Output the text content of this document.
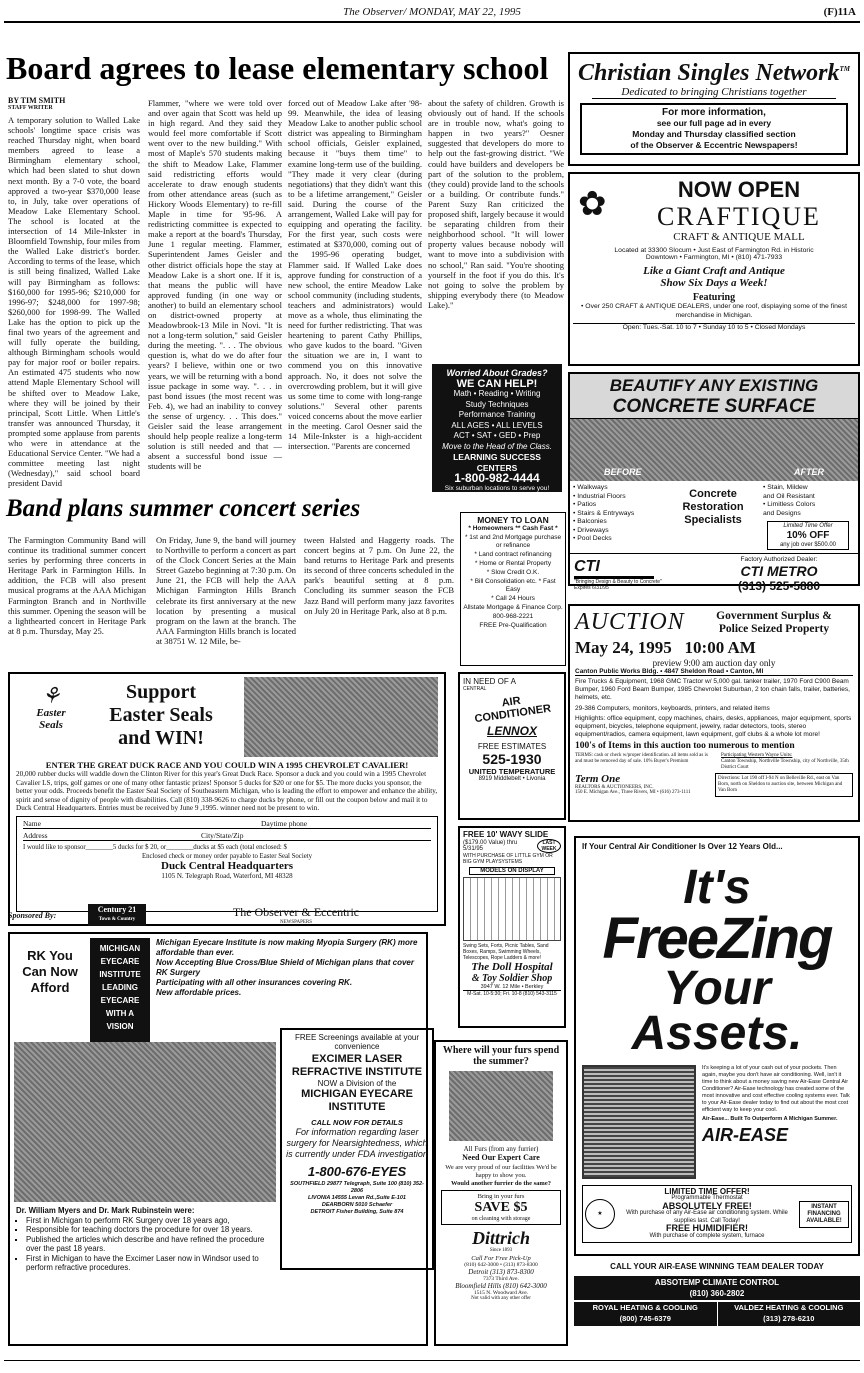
The Observer/ MONDAY, MAY 22, 1995	(F)11A
Board agrees to lease elementary school
BY TIM SMITH
STAFF WRITER
A temporary solution to Walled Lake schools' longtime space crisis was reached Thursday night, when board members agreed to lease a Birmingham elementary school, which had been slated to shut down next month. By a 7-0 vote, the board approved a two-year $370,000 lease to, in July, take over operations of Meadow Lake Elementary School. The school is located at the intersection of 14 Mile-Inkster in Bloomfield Township, four miles from the Walled Lake district's border. According to terms of the lease, which is still being finalized, Walled Lake will pay Birmingham as follows: $160,000 for 1995-96; $210,000 for 1996-97; $248,000 for 1997-98; $260,000 for 1998-99. The Walled Lake has the option to pick up the final two years of the agreement and will fully operate the building, although Birmingham schools would pay for major roof or boiler repairs. An estimated 475 students who now attend Maple Elementary School will be shifted over to Meadow Lake, where they will be joined by their principal, Scott Little. When Little's transfer was announced Thursday, it prompted some applause from parents who were in attendance at the Educational Service Center. "We had a committee meeting last night (Wednesday)," said school board president David
Flammer, "where we were told over and over again that Scott was held up in high regard. And they said they would feel more comfortable if Scott went over to the new building." With most of Maple's 570 students making the shift to Meadow Lake, Flammer said redistricting efforts would accelerate to draw enough students from other attendance areas (such as Hickory Woods Elementary) to re-fill Maple in time for '95-96. A redistricting committee is expected to make a report at the board's Thursday, June 1 regular meeting. Flammer, Superintendent James Geisler and other district officials hope the stay at Meadow Lake is a short one. If it is, that means the public will have approved funding (in one way or another) to build an elementary school on district-owned property at Meadowbrook-13 Mile in Novi. "It is not a long-term solution," said Geisler during the meeting. ". . . The obvious question is, what do we do after four years? I believe, within one or two years, we will be returning with a bond issue package in some way. ". . . in past bond issues (the most recent was Feb. 4), we had an inability to convey the sense of urgency. . . This does." Geisler said the lease arrangement should help people realize a long-term solution is still needed and that — absent a successful bond issue — students will be
forced out of Meadow Lake after '98-99. Meanwhile, the idea of leasing Meadow Lake to another public school district was appealing to Birmingham school officials, Geisler explained, because it "buys them time" to examine long-term use of the building. "They made it very clear (during negotiations) that they didn't want this to be a lifetime arrangement," Geisler said. During the course of the arrangement, Walled Lake will pay for equipping and operating the facility. For the first year, such costs were estimated at $370,000, coming out of the 1995-96 operating budget, Flammer said. If Walled Lake does approve funding for construction of a new school, the entire Meadow Lake school community (including students, teachers and administrators) would move as a whole, thus eliminating the need for further redistricting. That was heartening to parent Cathy Phillips, who gave kudos to the board. "Given the situation we are in, I want to commend you on this innovative approach. No, it does not solve the overcrowding problem, but it will give us some time to come with long-range solutions." Several other parents voiced concerns about the move earlier in the meeting. Carol Oesner said the 14 Mile-Inkster is a high-accident intersection. "Parents are concerned
about the safety of children. Growth is obviously out of hand. If the schools are in trouble now, what's going to happen in two years?" Oesner suggested that developers do more to help out the fast-growing district. "We could have builders and developers be part of the solution to the problem, (they could) provide land to the schools or a building. Or contribute funds." Parent Suzy Ran criticized the proposed shift, largely because it would be separating children from their neighborhood school. "It will lower property values because nobody will want to move into a subdivision with no school," Ran said. "You're shooting yourself in the foot if you do this. It's not going to solve the problem by shipping everybody there (to Meadow Lake)."
Worried About Grades?
WE CAN HELP!
Math • Reading • Writing
Study Techniques
Performance Training
ALL AGES • ALL LEVELS
ACT • SAT • GED • Prep
Move to the Head of the Class.
LEARNING SUCCESS CENTERS
1-800-982-4444
Six suburban locations to serve you!
Band plans summer concert series
The Farmington Community Band will continue its traditional summer concert series by performing three concerts in Heritage Park in Farmington Hills. In addition, the FCB will also present musical programs at the AAA Michigan Farmington Branch and in Northville this summer. Opening the season will be a lighthearted concert in Heritage Park at 8 p.m. Thursday, May 25.
On Friday, June 9, the band will journey to Northville to perform a concert as part of the Clock Concert Series at the Main Street Gazebo beginning at 7:30 p.m. On June 21, the FCB will help the AAA Michigan Farmington Hills Branch celebrate its first anniversary at the new location by presenting a musical program on the lawn at the branch. The AAA Farmington Hills branch is located at 38751 W. 12 Mile, be-
tween Halsted and Haggerty roads. The concert begins at 7 p.m. On June 22, the band returns to Heritage Park and presents its second of three concerts scheduled in the park's beautiful setting at 8 p.m. Concluding its summer season the FCB Jazz Band will perform many jazz favorites on July 20 in Heritage Park, also at 8 p.m.
MONEY TO LOAN
* Homeowners ** Cash Fast *
* 1st and 2nd Mortgage purchase
or refinance
* Land contract refinancing
* Home or Rental Property
* Slow Credit O.K.
* Bill Consolidation etc. * Fast Easy
* Call 24 Hours
Allstate Mortgage & Finance Corp.
800-968-2221
FREE Pre-Qualification
Christian Singles Network™
Dedicated to bringing Christians together
For more information,
see our full page ad in every
Monday and Thursday classified section
of the Observer & Eccentric Newspapers!
✿	NOW OPEN
CRAFTIQUE
CRAFT & ANTIQUE MALL
Located at 33300 Slocum • Just East of Farmington Rd. in Historic
Downtown • Farmington, MI • (810) 471-7933
Like a Giant Craft and Antique
Show Six Days a Week!
Featuring
• Over 250 CRAFT & ANTIQUE DEALERS, under one roof, displaying some of the finest merchandise in Michigan.
Open: Tues.-Sat. 10 to 7 • Sunday 10 to 5 • Closed Mondays
BEAUTIFY ANY EXISTING
CONCRETE SURFACE
BEFORE	AFTER
• Walkways
• Industrial Floors
• Patios
• Stairs & Entryways
• Balconies
• Driveways
• Pool Decks
Concrete
Restoration
Specialists
• Stain, Mildew
and Oil Resistant
• Limitless Colors
and Designs
Limited Time Offer
10% OFF
any job over $500.00
CTI
"Bringing Design & Beauty to Concrete"
Expires 6/31/95
Factory Authorized Dealer:
CTI METRO
(313) 525-5880
AUCTION	Government Surplus &
Police Seized Property
May 24, 1995   10:00 AM
preview 9:00 am auction day only
Canton Public Works Bldg. • 4847 Sheldon Road • Canton, MI
Fire Trucks & Equipment, 1968 GMC Tractor w/ 5,000 gal. tanker trailer, 1970 Ford C900 Beam Bumper, 1960 Ford Beam Bumper, 1985 Chevrolet Suburban, 2 ton chain falls, trailer, batteries, helmets, etc.
29-386 Computers, monitors, keyboards, printers, and related items
Highlights: office equipment, copy machines, chairs, desks, appliances, major equipment, sports equipment, bicycles, telephone equipment, jewelry, radar detectors, tools, stereo equipment/radios, camera equipment, lawn equipment, golf clubs & a whole lot more!
100's of Items in this auction too numerous to mention
TERMS: cash or check w/proper identification. all items sold as is and must be removed day of sale. 10% Buyer's Premium
Participating Western Wayne Units:
Canton Township, Northville Township, city of Northville, 35th District Court
Term One
REALTORS & AUCTIONEERS, INC.
150 E. Michigan Ave., Three Rivers, MI • (616) 273-1111
Directions: Lot 190 off I-94 N on Belleville Rd., east on Van Born, north on Sheldon to auction site, between Michigan and Van Born
⚘
Easter
Seals
Support
Easter Seals
and WIN!
ENTER THE GREAT DUCK RACE AND YOU COULD WIN A 1995 CHEVROLET CAVALIER!
20,000 rubber ducks will waddle down the Clinton River for this year's Great Duck Race. Sponsor a duck and you could win a 1995 Chevrolet Cavalier LS, trips, golf games or one of many other fantastic prizes! Sponsor 5 ducks for $20 or one for $5. The more ducks you sponsor, the better your odds. Proceeds benefit the Easter Seal Society of Southeastern Michigan, who is leading the effort to empower and enhance the ability, spirit and sense of dignity of people with disabilities. Call (810) 338-9626 to charge ducks by phone, or fill out the coupon below and mail it to Duck Central Headquarters. Entries must be received by June 9 ,1995. winner need not be present to win.
Name	Daytime phone
Address	City/State/Zip
I would like to sponsor________5 ducks for $ 20, or________ducks at $5 each (total enclosed: $
Enclosed check or money order payable to Easter Seal Society
Duck Central Headquarters
1105 N. Telegraph Road, Waterford, MI 48328
Sponsored By:
Century 21
Town & Country
The Observer & Eccentric
NEWSPAPERS
IN NEED OF A
CENTRAL
AIR CONDITIONER
LENNOX
FREE ESTIMATES
525-1930
UNITED TEMPERATURE
8919 Middlebelt • Livonia
FREE 10' WAVY SLIDE
($179.00 Value) thru 5/31/95
LAST WEEK
WITH PURCHASE OF LITTLE GYM OR BIG GYM PLAYSYSTEMS
MODELS ON DISPLAY
Swing Sets, Forts, Picnic Tables, Sand Boxes, Ramps, Swimming Wheels, Telescopes, Rope Ladders & more!
The Doll Hospital
& Toy Soldier Shop
3947 W. 12 Mile • Berkley
M-Sat. 10-5:30; Fri. 10-8 (810) 543-3115
If Your Central Air Conditioner Is Over 12 Years Old...
It's
FreeZing
Your Assets.
It's keeping a lot of your cash out of your pockets. Then again, maybe you don't have air conditioning. Well, isn't it time to think about a money saving new Air-Ease Central Air Conditioner? Air-Ease technology has created some of the most innovative and cost effective cooling systems ever. Talk to your Air-Ease dealer today to find out about the most cost efficient way to keep your cool.
Air-Ease... Built To Outperform A Michigan Summer.
AIR-EASE
★
LIMITED TIME OFFER!
Programmable Thermostat
ABSOLUTELY FREE!
With purchase of any Air-Ease air conditioning system. While supplies last. Call Today!
FREE HUMIDIFIER!
With purchase of complete system, furnace
INSTANT FINANCING AVAILABLE!
CALL YOUR AIR-EASE WINNING TEAM DEALER TODAY
ABSOTEMP CLIMATE CONTROL
(810) 360-2802
ROYAL HEATING & COOLING
(800) 745-6379
VALDEZ HEATING & COOLING
(313) 278-6210
RK You Can Now Afford
MICHIGAN
EYECARE
INSTITUTE
LEADING
EYECARE
WITH A
VISION
Michigan Eyecare Institute is now making Myopia Surgery (RK) more affordable than ever.
Now Accepting Blue Cross/Blue Shield of Michigan plans that cover RK Surgery
Participating with all other insurances covering RK.
New affordable prices.
FREE Screenings available at your convenience
EXCIMER LASER REFRACTIVE INSTITUTE
NOW a Division of the
MICHIGAN EYECARE INSTITUTE
CALL NOW FOR DETAILS
For information regarding laser surgery for Nearsightedness, which is currently under FDA investigation
1-800-676-EYES
SOUTHFIELD 29877 Telegraph, Suite 100 (810) 352-2806
LIVONIA 14555 Levan Rd.,Suite E-101
DEARBORN 5010 Schaefer
DETROIT Fisher Building, Suite 874
Dr. William Myers and Dr. Mark Rubinstein were:
▪ First in Michigan to perform RK Surgery over 18 years ago,
▪ Responsible for teaching doctors the procedure for over 18 years.
▪ Published the articles which describe and have refined the procedure over the past 18 years.
▪ First in Michigan to have the Excimer Laser now in Windsor used to perform refractive procedures.
Where will your furs spend the summer?
All Furs (from any furrier)
Need Our Expert Care
We are very proud of our facilities We'd be happy to show you.
Would another furrier do the same?
Bring in your furs
SAVE $5
on cleaning with storage
Dittrich
Since 1893
Call For Free Pick-Up
(810) 642-3000 • (313) 873-8300
Detroit (313) 873-8300
7373 Third Ave.
Bloomfield Hills (810) 642-3000
1515 N. Woodward Ave.
Not valid with any other offer
